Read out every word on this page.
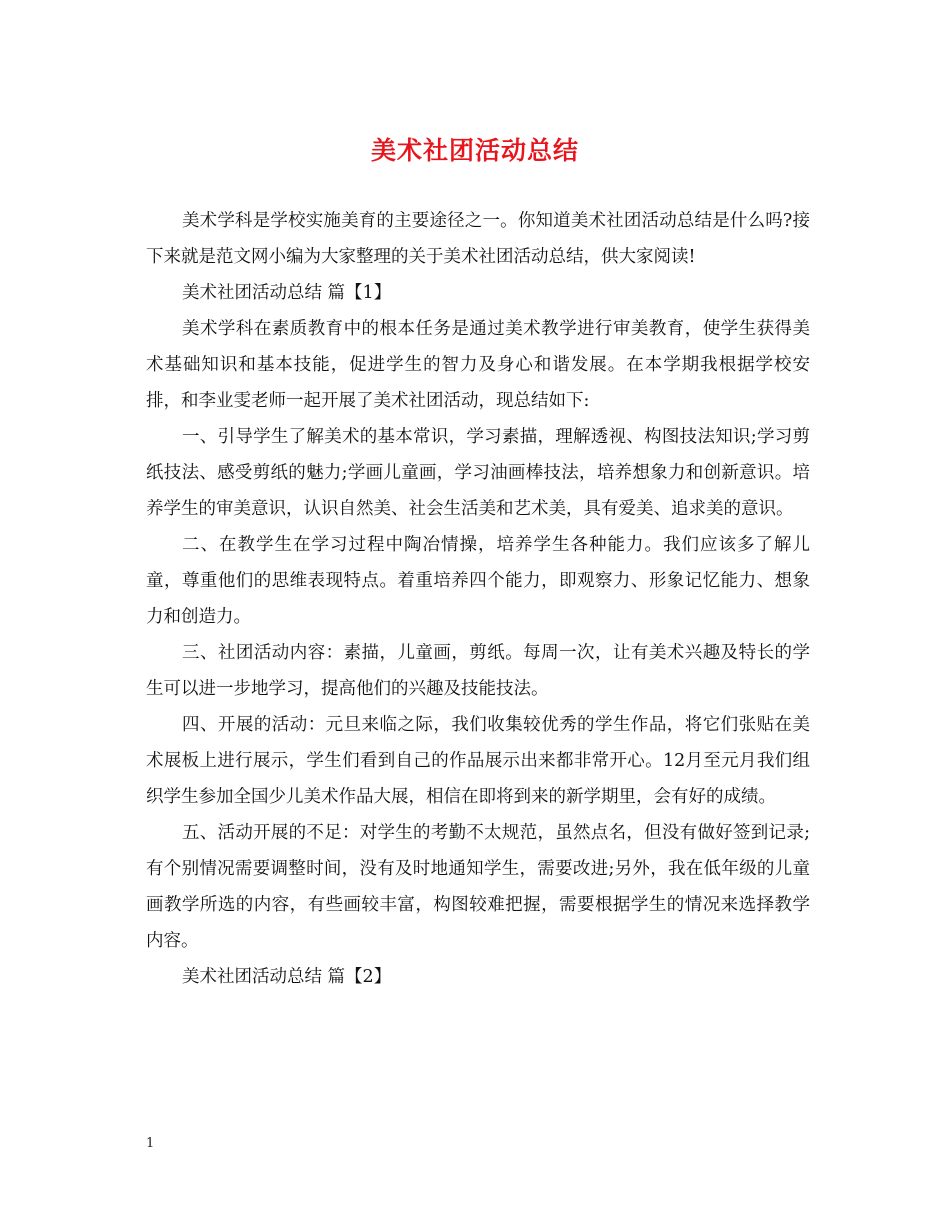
美术社团活动总结

美术学科是学校实施美育的主要途径之一。你知道美术社团活动总结是什么吗?接下来就是范文网小编为大家整理的关于美术社团活动总结，供大家阅读!

美术社团活动总结 篇【1】

美术学科在素质教育中的根本任务是通过美术教学进行审美教育，使学生获得美术基础知识和基本技能，促进学生的智力及身心和谐发展。在本学期我根据学校安排，和李业雯老师一起开展了美术社团活动，现总结如下:

一、引导学生了解美术的基本常识，学习素描，理解透视、构图技法知识;学习剪纸技法、感受剪纸的魅力;学画儿童画，学习油画棒技法，培养想象力和创新意识。培养学生的审美意识，认识自然美、社会生活美和艺术美，具有爱美、追求美的意识。

二、在教学生在学习过程中陶冶情操，培养学生各种能力。我们应该多了解儿童，尊重他们的思维表现特点。着重培养四个能力，即观察力、形象记忆能力、想象力和创造力。

三、社团活动内容：素描，儿童画，剪纸。每周一次，让有美术兴趣及特长的学生可以进一步地学习，提高他们的兴趣及技能技法。

四、开展的活动：元旦来临之际，我们收集较优秀的学生作品，将它们张贴在美术展板上进行展示，学生们看到自己的作品展示出来都非常开心。12月至元月我们组织学生参加全国少儿美术作品大展，相信在即将到来的新学期里，会有好的成绩。

五、活动开展的不足：对学生的考勤不太规范，虽然点名，但没有做好签到记录;有个别情况需要调整时间，没有及时地通知学生，需要改进;另外，我在低年级的儿童画教学所选的内容，有些画较丰富，构图较难把握，需要根据学生的情况来选择教学内容。

美术社团活动总结 篇【2】

1
